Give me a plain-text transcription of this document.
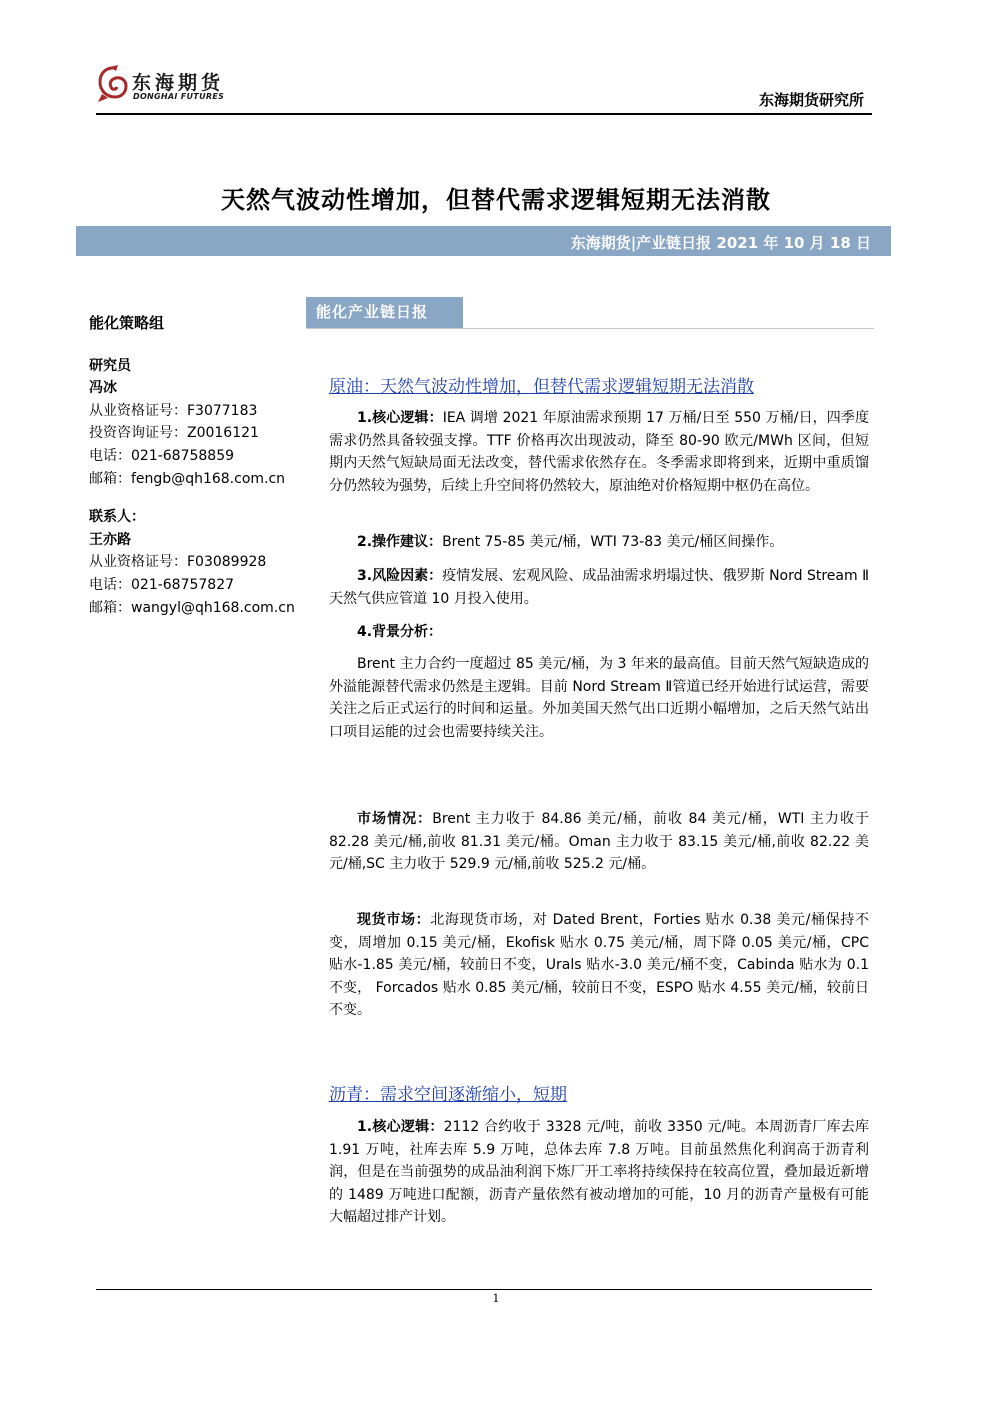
东海期货
DONGHAI FUTURES	东海期货研究所
天然气波动性增加，但替代需求逻辑短期无法消散
东海期货|产业链日报 2021 年 10 月 18 日
能化策略组
研究员
冯冰
从业资格证号：F3077183
投资咨询证号：Z0016121
电话：021-68758859
邮箱：fengb@qh168.com.cn
联系人：
王亦路
从业资格证号：F03089928
电话：021-68757827
邮箱：wangyl@qh168.com.cn
能化产业链日报
原油：天然气波动性增加，但替代需求逻辑短期无法消散
1.核心逻辑：IEA 调增 2021 年原油需求预期 17 万桶/日至 550 万桶/日，四季度需求仍然具备较强支撑。TTF 价格再次出现波动，降至 80-90 欧元/MWh 区间，但短期内天然气短缺局面无法改变，替代需求依然存在。冬季需求即将到来，近期中重质馏分仍然较为强势，后续上升空间将仍然较大，原油绝对价格短期中枢仍在高位。
2.操作建议：Brent 75-85 美元/桶，WTI 73-83 美元/桶区间操作。
3.风险因素：疫情发展、宏观风险、成品油需求坍塌过快、俄罗斯 Nord Stream Ⅱ天然气供应管道 10 月投入使用。
4.背景分析：
Brent 主力合约一度超过 85 美元/桶，为 3 年来的最高值。目前天然气短缺造成的外溢能源替代需求仍然是主逻辑。目前 Nord Stream Ⅱ管道已经开始进行试运营，需要关注之后正式运行的时间和运量。外加美国天然气出口近期小幅增加，之后天然气站出口项目运能的过会也需要持续关注。
市场情况：Brent 主力收于 84.86 美元/桶，前收 84 美元/桶，WTI 主力收于 82.28 美元/桶,前收 81.31 美元/桶。Oman 主力收于 83.15 美元/桶,前收 82.22 美元/桶,SC 主力收于 529.9 元/桶,前收 525.2 元/桶。
现货市场：北海现货市场，对 Dated Brent，Forties 贴水 0.38 美元/桶保持不变，周增加 0.15 美元/桶，Ekofisk 贴水 0.75 美元/桶，周下降 0.05 美元/桶，CPC 贴水-1.85 美元/桶，较前日不变，Urals 贴水-3.0 美元/桶不变，Cabinda 贴水为 0.1 不变， Forcados 贴水 0.85 美元/桶，较前日不变，ESPO 贴水 4.55 美元/桶，较前日不变。
沥青：需求空间逐渐缩小，短期
1.核心逻辑：2112 合约收于 3328 元/吨，前收 3350 元/吨。本周沥青厂库去库 1.91 万吨，社库去库 5.9 万吨，总体去库 7.8 万吨。目前虽然焦化利润高于沥青利润，但是在当前强势的成品油利润下炼厂开工率将持续保持在较高位置，叠加最近新增的 1489 万吨进口配额，沥青产量依然有被动增加的可能，10 月的沥青产量极有可能大幅超过排产计划。
1
